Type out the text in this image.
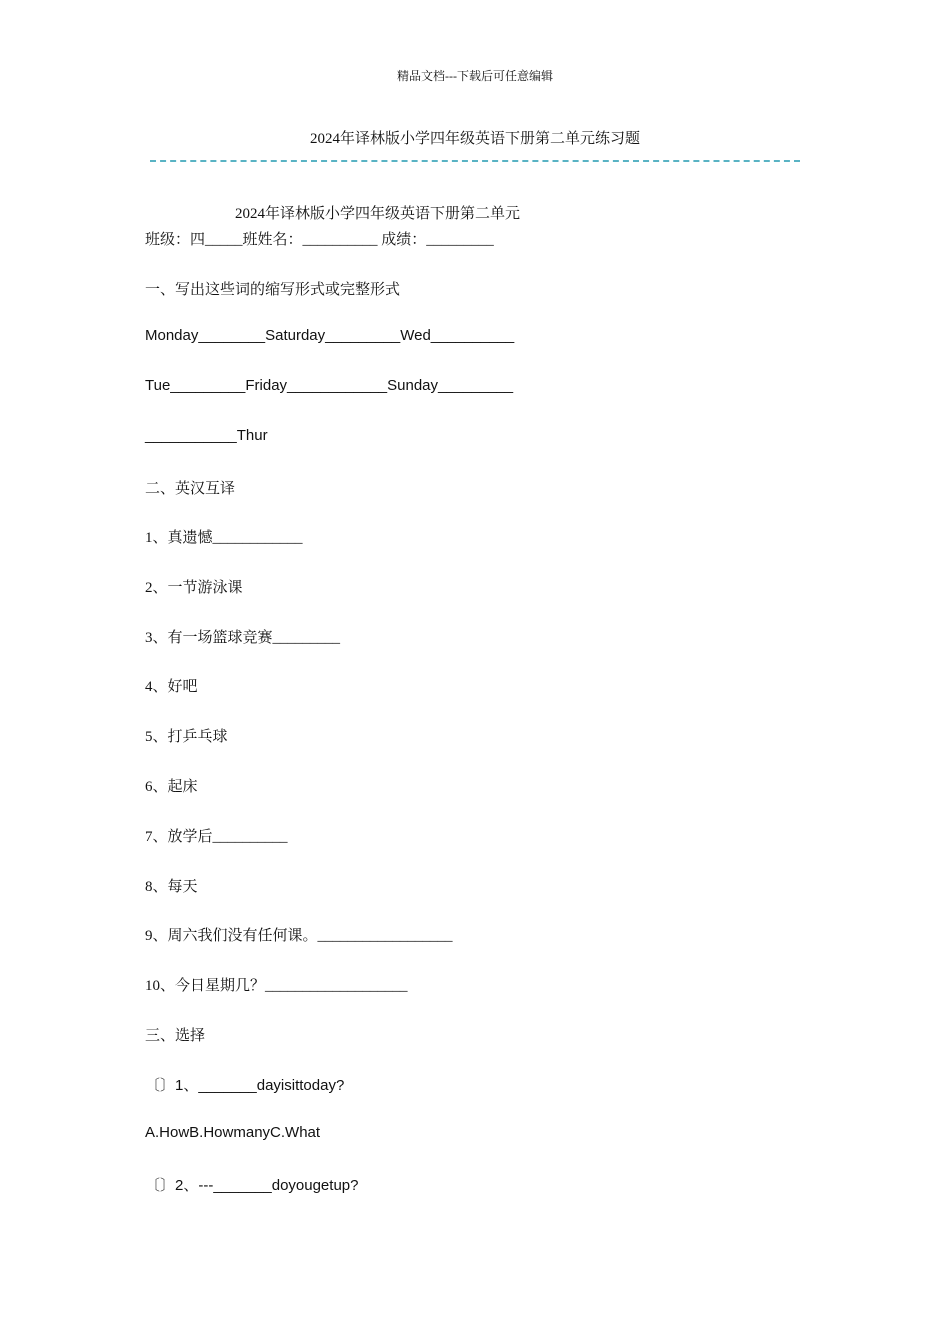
精品文档---下载后可任意编辑
2024年译林版小学四年级英语下册第二单元练习题
2024年译林版小学四年级英语下册第二单元
班级：四_____班姓名：__________ 成绩：_________
一、写出这些词的缩写形式或完整形式
Monday________Saturday_________Wed__________
Tue_________Friday____________Sunday_________
___________Thur
二、英汉互译
1、真遗憾____________
2、一节游泳课
3、有一场篮球竞赛_________
4、好吧
5、打乒乓球
6、起床
7、放学后__________
8、每天
9、周六我们没有任何课。__________________
10、今日星期几？___________________
三、选择
〔〕1、_______dayisittoday?
A.HowB.HowmanyC.What
〔〕2、---_______doyougetup?
